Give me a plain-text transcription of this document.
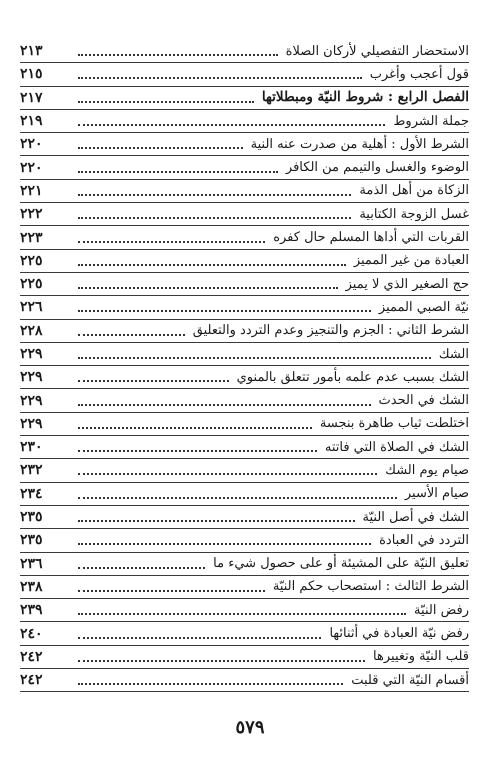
الاستحضار التفصيلي لأركان الصلاة
٢١٣
قول أعجب وأغرب
٢١٥
الفصل الرابع : شروط النيّة ومبطلاتها
٢١٧
جملة الشروط
٢١٩
الشرط الأول : أهلية من صدرت عنه النية
٢٢٠
الوضوء والغسل والتيمم من الكافر
٢٢٠
الزكاة من أهل الذمة
٢٢١
غسل الزوجة الكتابية
٢٢٢
القربات التي أداها المسلم حال كفره
٢٢٣
العبادة من غير المميز
٢٢٥
حج الصغير الذي لا يميز
٢٢٥
نيّة الصبي المميز
٢٢٦
الشرط الثاني : الجزم والتنجيز وعدم التردد والتعليق
٢٢٨
الشك
٢٢٩
الشك بسبب عدم علمه بأمور تتعلق بالمنوي
٢٢٩
الشك في الحدث
٢٢٩
اختلطت ثياب طاهرة بنجسة
٢٢٩
الشك في الصلاة التي فاتته
٢٣٠
صيام يوم الشك
٢٣٢
صيام الأسير
٢٣٤
الشك في أصل النيّة
٢٣٥
التردد في العبادة
٢٣٥
تعليق النيّة على المشيئة أو على حصول شيء ما
٢٣٦
الشرط الثالث : استصحاب حكم النيّة
٢٣٨
رفض النيّة
٢٣٩
رفض نيّة العبادة في أثنائها
٢٤٠
قلب النيّة وتغييرها
٢٤٢
أقسام النيّة التي قلبت
٢٤٢
٥٧٩
